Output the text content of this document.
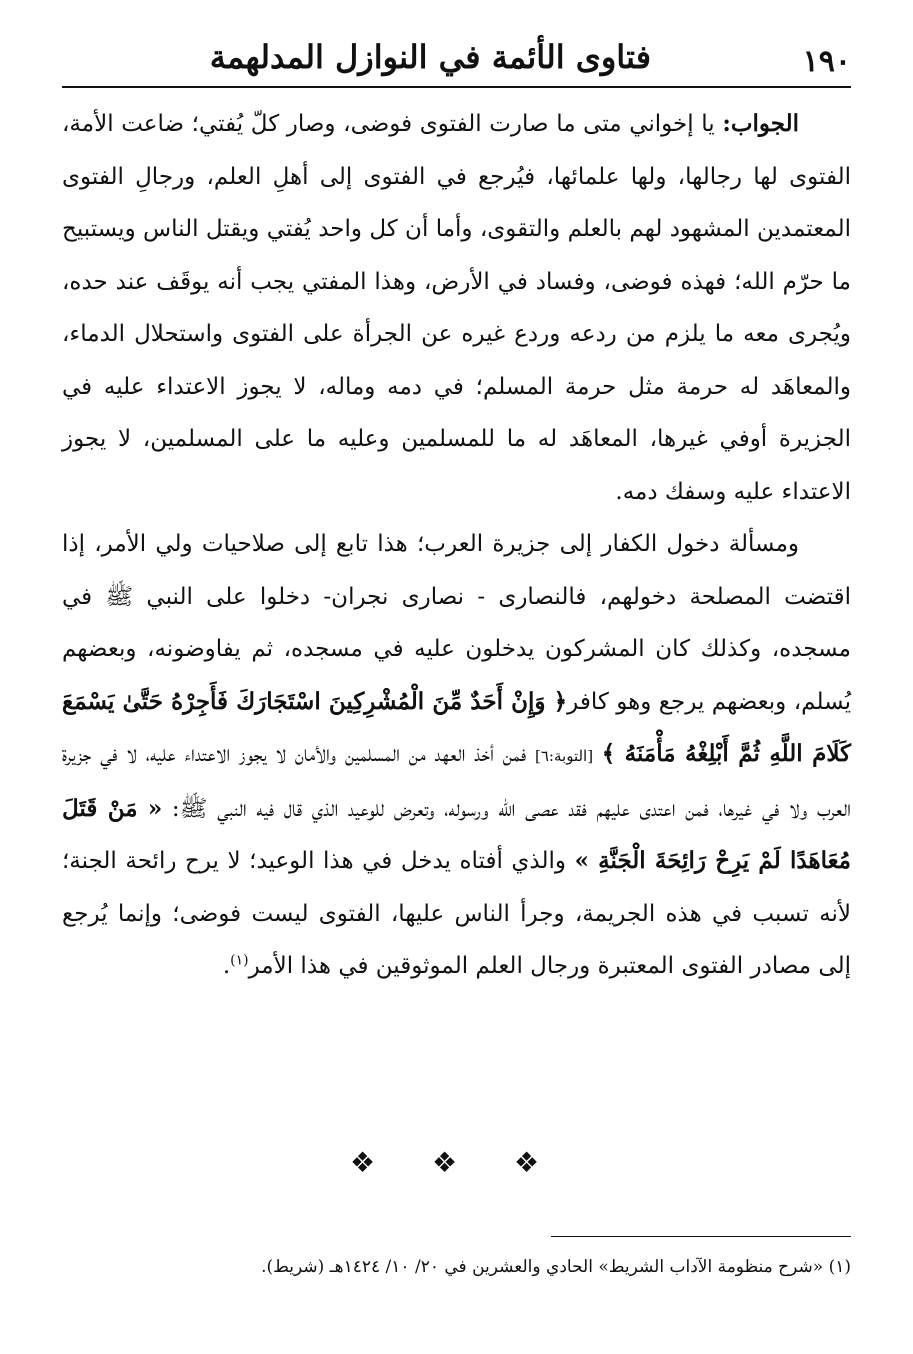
١٩٠
فتاوى الأئمة في النوازل المدلهمة

الجواب: يا إخواني متى ما صارت الفتوى فوضى، وصار كلّ يُفتي؛ ضاعت الأمة، الفتوى لها رجالها، ولها علمائها، فيُرجع في الفتوى إلى أهلِ العلم، ورجالِ الفتوى المعتمدين المشهود لهم بالعلم والتقوى، وأما أن كل واحد يُفتي ويقتل الناس ويستبيح ما حرّم الله؛ فهذه فوضى، وفساد في الأرض، وهذا المفتي يجب أنه يوقَف عند حده، ويُجرى معه ما يلزم من ردعه وردع غيره عن الجرأة على الفتوى واستحلال الدماء، والمعاهَد له حرمة مثل حرمة المسلم؛ في دمه وماله، لا يجوز الاعتداء عليه في الجزيرة أوفي غيرها، المعاهَد له ما للمسلمين وعليه ما على المسلمين، لا يجوز الاعتداء عليه وسفك دمه.

ومسألة دخول الكفار إلى جزيرة العرب؛ هذا تابع إلى صلاحيات ولي الأمر، إذا اقتضت المصلحة دخولهم، فالنصارى - نصارى نجران- دخلوا على النبي ﷺ في مسجده، وكذلك كان المشركون يدخلون عليه في مسجده، ثم يفاوضونه، وبعضهم يُسلم، وبعضهم يرجع وهو كافر﴿ وَإِنْ أَحَدٌ مِّنَ الْمُشْرِكِينَ اسْتَجَارَكَ فَأَجِرْهُ حَتَّىٰ يَسْمَعَ كَلَامَ اللَّهِ ثُمَّ أَبْلِغْهُ مَأْمَنَهُ ﴾ [التوبة:٦] فمن أخذ العهد من المسلمين والأمان لا يجوز الاعتداء عليه، لا في جزيرة العرب ولا في غيرها، فمن اعتدى عليهم فقد عصى الله ورسوله، وتعرض للوعيد الذي قال فيه النبي ﷺ: « مَنْ قَتَلَ مُعَاهَدًا لَمْ يَرِحْ رَائِحَةَ الْجَنَّةِ » والذي أفتاه يدخل في هذا الوعيد؛ لا يرح رائحة الجنة؛ لأنه تسبب في هذه الجريمة، وجرأ الناس عليها، الفتوى ليست فوضى؛ وإنما يُرجع إلى مصادر الفتوى المعتبرة ورجال العلم الموثوقين في هذا الأمر$^{(١)}$.

❖ ❖ ❖
(١) «شرح منظومة الآداب الشريط» الحادي والعشرين في ٢٠/ ١٠/ ١٤٢٤هـ (شريط).
